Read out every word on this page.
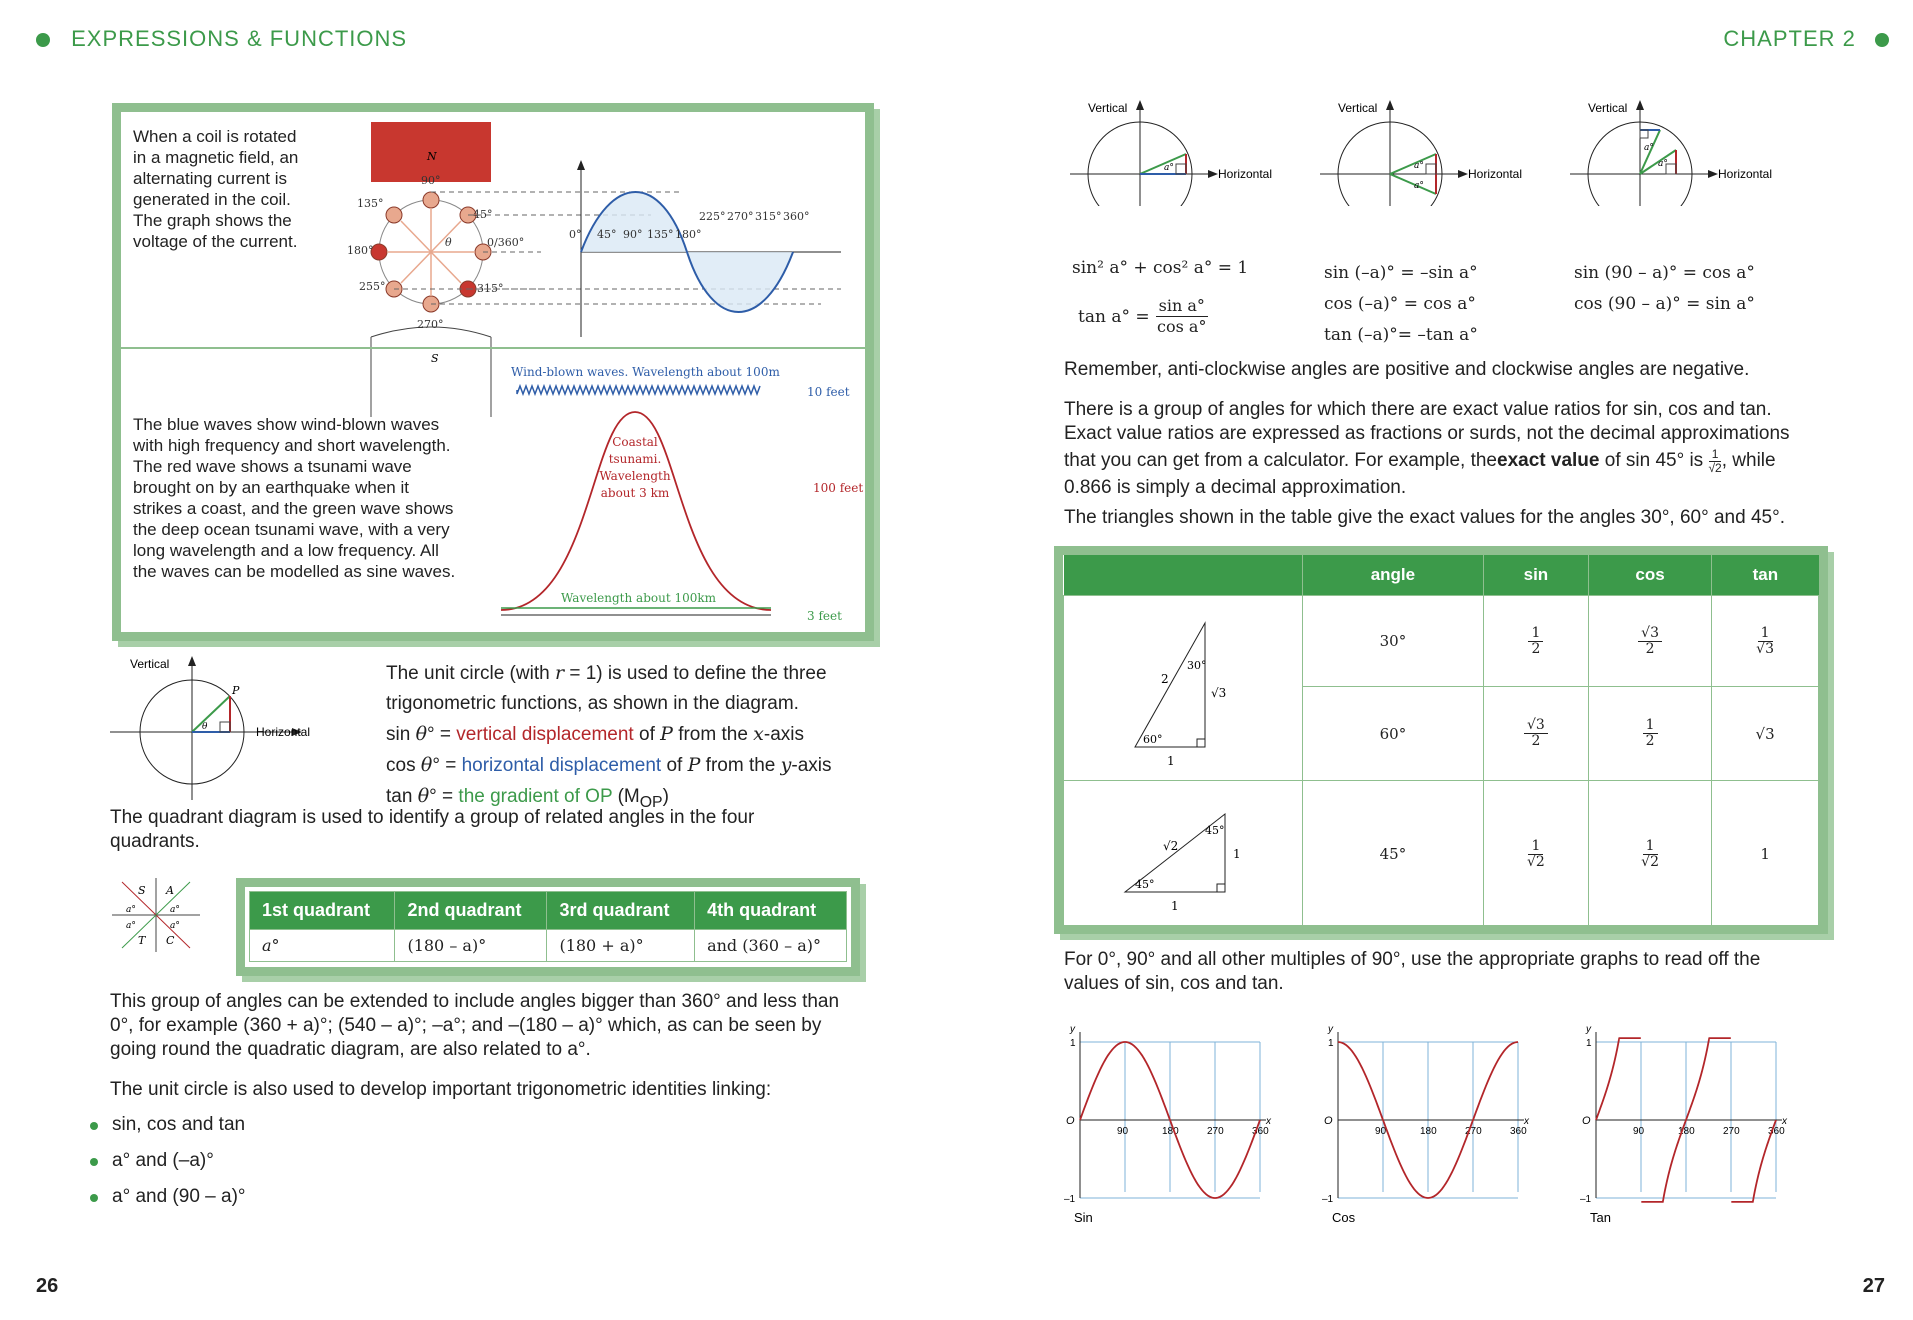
EXPRESSIONS & FUNCTIONS	CHAPTER 2
When a coil is rotated
in a magnetic field, an
alternating current is
generated in the coil.
The graph shows the
voltage of the current.
N
S
90°
45°
135°
0/360°
180°
255°	315°
270°
θ
0° 45° 90° 135° 180°
225° 270° 315° 360°
Wind-blown waves. Wavelength about 100m
10 feet
Coastal
tsunami.
Wavelength
about 3 km	100 feet
Wavelength about 100km
3 feet
The blue waves show wind-blown waves
with high frequency and short wavelength.
The red wave shows a tsunami wave
brought on by an earthquake when it
strikes a coast, and the green wave shows
the deep ocean tsunami wave, with a very
long wavelength and a low frequency. All
the waves can be modelled as sine waves.
Vertical
Horizontal
P
θ
The unit circle (with r = 1) is used to define the three
trigonometric functions, as shown in the diagram.
sin θ° = vertical displacement of P from the x-axis
cos θ° = horizontal displacement of P from the y-axis
tan θ° = the gradient of OP $(M_{OP})$
The quadrant diagram is used to identify a group of related angles in the four
quadrants.
S A
T C
a°	a°
a°	a°
1st quadrant	2nd quadrant	3rd quadrant	4th quadrant
a°	(180 – a)°	(180 + a)°	and (360 – a)°
This group of angles can be extended to include angles bigger than 360° and less than
0°, for example (360 + a)°; (540 – a)°; –a°; and –(180 – a)° which, as can be seen by
going round the quadratic diagram, are also related to a°.
The unit circle is also used to develop important trigonometric identities linking:
sin, cos and tan
a° and (–a)°
a° and (90 – a)°
Vertical
Horizontal
a°
Vertical
Horizontal
a°
a°
Vertical
Horizontal
a°
a°
sin² a° + cos² a° = 1
$\tan a^\circ = \frac{\text{sin a°}}{\text{cos a°}}$
sin (–a)° = –sin a°
cos (–a)° = cos a°
tan (–a)°= –tan a°
sin (90 – a)° = cos a°
cos (90 – a)° = sin a°
Remember, anti-clockwise angles are positive and clockwise angles are negative.
There is a group of angles for which there are exact value ratios for sin, cos and tan.
Exact value ratios are expressed as fractions or surds, not the decimal approximations
that you can get from a calculator. For example, the exact value of sin 45° is $\frac{1}{√2}$ , while
0.866 is simply a decimal approximation.
The triangles shown in the table give the exact values for the angles 30°, 60° and 45°.
	angle	sin	cos	tan

2
√3
1
30°
60°	30°	$\frac{1}{2}$	$\frac{√3}{2}$	$\frac{1}{√3}$

	60°	$\frac{√3}{2}$	$\frac{1}{2}$	√3

√2
1
1
45°
45°	45°	$\frac{1}{√2}$	$\frac{1}{√2}$	1
For 0°, 90° and all other multiples of 90°, use the appropriate graphs to read off the
values of sin, cos and tan.
y
x
1
–1
O
90	180	270	360
Sin
y
x
1
–1
O
90	180	270	360
Cos
y
x
1
–1
O
90	180	270	360
Tan
26	27
